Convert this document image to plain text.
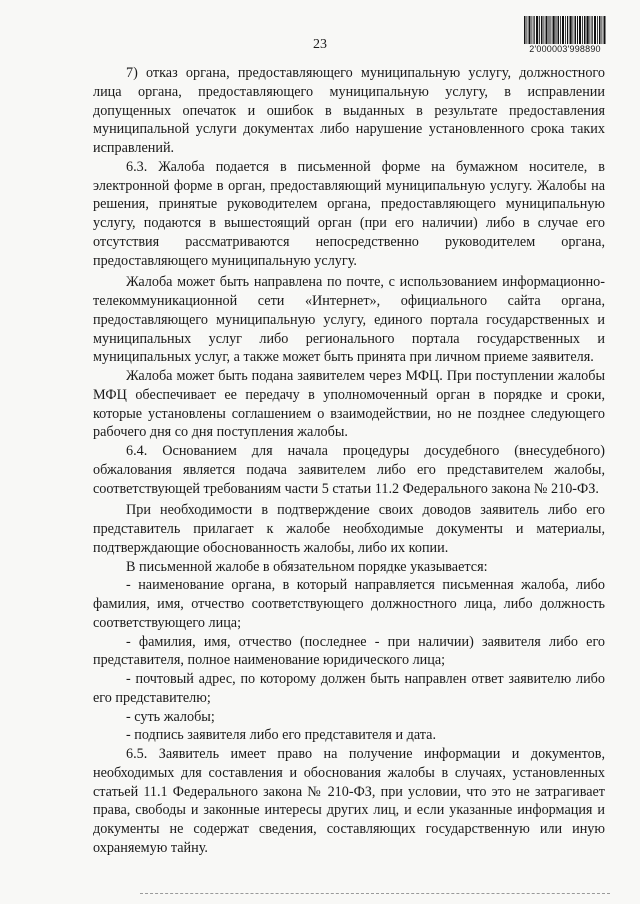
23	2'000003'998890

7) отказ органа, предоставляющего муниципальную услугу, должностного лица органа, предоставляющего муниципальную услугу, в исправлении допущенных опечаток и ошибок в выданных в результате предоставления муниципальной услуги документах либо нарушение установленного срока таких исправлений.

6.3. Жалоба подается в письменной форме на бумажном носителе, в электронной форме в орган, предоставляющий муниципальную услугу. Жалобы на решения, принятые руководителем органа, предоставляющего муниципальную услугу, подаются в вышестоящий орган (при его наличии) либо в случае его отсутствия рассматриваются непосредственно руководителем органа, предоставляющего муниципальную услугу.

Жалоба может быть направлена по почте, с использованием информационно-телекоммуникационной сети «Интернет», официального сайта органа, предоставляющего муниципальную услугу, единого портала государственных и муниципальных услуг либо регионального портала государственных и муниципальных услуг, а также может быть принята при личном приеме заявителя.

Жалоба может быть подана заявителем через МФЦ. При поступлении жалобы МФЦ обеспечивает ее передачу в уполномоченный орган в порядке и сроки, которые установлены соглашением о взаимодействии, но не позднее следующего рабочего дня со дня поступления жалобы.

6.4. Основанием для начала процедуры досудебного (внесудебного) обжалования является подача заявителем либо его представителем жалобы, соответствующей требованиям части 5 статьи 11.2 Федерального закона № 210-ФЗ.

При необходимости в подтверждение своих доводов заявитель либо его представитель прилагает к жалобе необходимые документы и материалы, подтверждающие обоснованность жалобы, либо их копии.

В письменной жалобе в обязательном порядке указывается:

- наименование органа, в который направляется письменная жалоба, либо фамилия, имя, отчество соответствующего должностного лица, либо должность соответствующего лица;

- фамилия, имя, отчество (последнее - при наличии) заявителя либо его представителя, полное наименование юридического лица;

- почтовый адрес, по которому должен быть направлен ответ заявителю либо его представителю;

- суть жалобы;

- подпись заявителя либо его представителя и дата.

6.5. Заявитель имеет право на получение информации и документов, необходимых для составления и обоснования жалобы в случаях, установленных статьей 11.1 Федерального закона № 210-ФЗ, при условии, что это не затрагивает права, свободы и законные интересы других лиц, и если указанные информация и документы не содержат сведения, составляющих государственную или иную охраняемую тайну.
